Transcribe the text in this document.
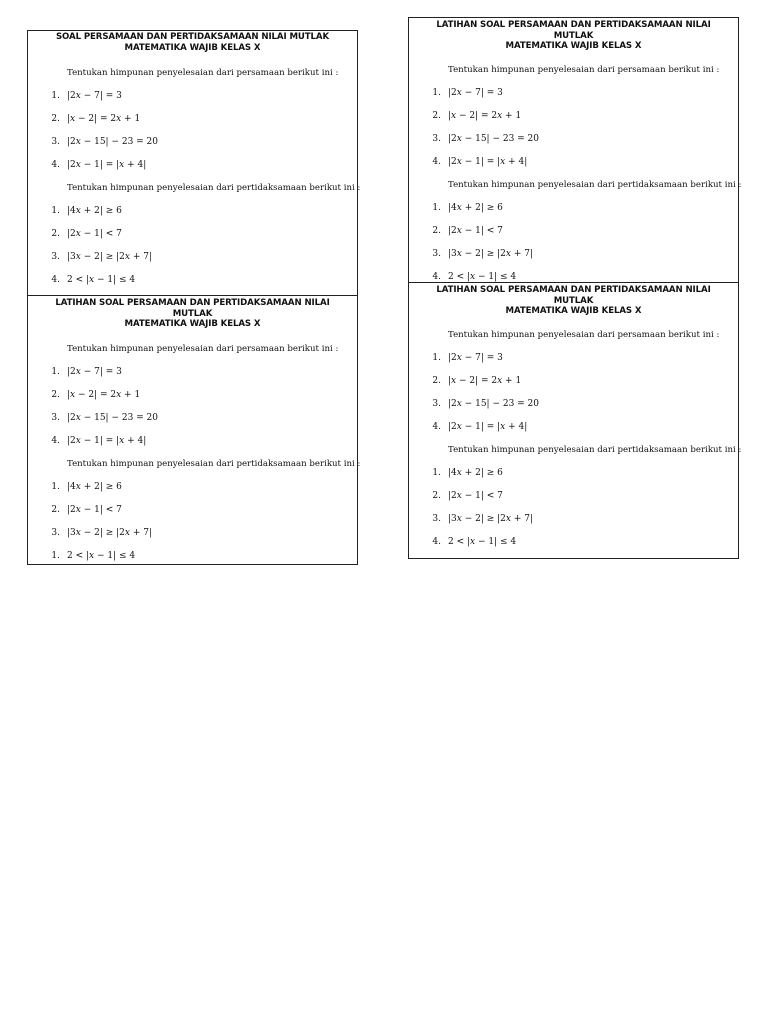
SOAL PERSAMAAN DAN PERTIDAKSAMAAN NILAI MUTLAK
MATEMATIKA WAJIB KELAS X
Tentukan himpunan penyelesaian dari persamaan berikut ini :
1. |2𝑥 − 7| = 3
2. |𝑥 − 2| = 2𝑥 + 1
3. |2𝑥 − 15| − 23 = 20
4. |2𝑥 − 1| = |𝑥 + 4|
Tentukan himpunan penyelesaian dari pertidaksamaan berikut ini :
1. |4𝑥 + 2| ≥ 6
2. |2𝑥 − 1| < 7
3. |3𝑥 − 2| ≥ |2𝑥 + 7|
4. 2 < |𝑥 − 1| ≤ 4
LATIHAN SOAL PERSAMAAN DAN PERTIDAKSAMAAN NILAI MUTLAK
MATEMATIKA WAJIB KELAS X
Tentukan himpunan penyelesaian dari persamaan berikut ini :
1. |2𝑥 − 7| = 3
2. |𝑥 − 2| = 2𝑥 + 1
3. |2𝑥 − 15| − 23 = 20
4. |2𝑥 − 1| = |𝑥 + 4|
Tentukan himpunan penyelesaian dari pertidaksamaan berikut ini :
1. |4𝑥 + 2| ≥ 6
2. |2𝑥 − 1| < 7
3. |3𝑥 − 2| ≥ |2𝑥 + 7|
1. 2 < |𝑥 − 1| ≤ 4
LATIHAN SOAL PERSAMAAN DAN PERTIDAKSAMAAN NILAI MUTLAK
MATEMATIKA WAJIB KELAS X
Tentukan himpunan penyelesaian dari persamaan berikut ini :
1. |2𝑥 − 7| = 3
2. |𝑥 − 2| = 2𝑥 + 1
3. |2𝑥 − 15| − 23 = 20
4. |2𝑥 − 1| = |𝑥 + 4|
Tentukan himpunan penyelesaian dari pertidaksamaan berikut ini :
1. |4𝑥 + 2| ≥ 6
2. |2𝑥 − 1| < 7
3. |3𝑥 − 2| ≥ |2𝑥 + 7|
4. 2 < |𝑥 − 1| ≤ 4
LATIHAN SOAL PERSAMAAN DAN PERTIDAKSAMAAN NILAI MUTLAK
MATEMATIKA WAJIB KELAS X
Tentukan himpunan penyelesaian dari persamaan berikut ini :
1. |2𝑥 − 7| = 3
2. |𝑥 − 2| = 2𝑥 + 1
3. |2𝑥 − 15| − 23 = 20
4. |2𝑥 − 1| = |𝑥 + 4|
Tentukan himpunan penyelesaian dari pertidaksamaan berikut ini :
1. |4𝑥 + 2| ≥ 6
2. |2𝑥 − 1| < 7
3. |3𝑥 − 2| ≥ |2𝑥 + 7|
4. 2 < |𝑥 − 1| ≤ 4
